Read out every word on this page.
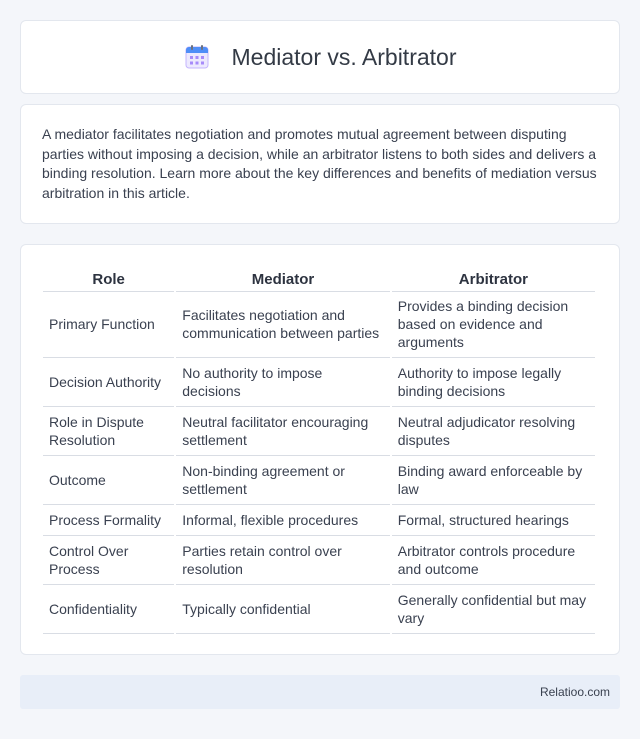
Mediator vs. Arbitrator

A mediator facilitates negotiation and promotes mutual agreement between disputing parties without imposing a decision, while an arbitrator listens to both sides and delivers a binding resolution. Learn more about the key differences and benefits of mediation versus arbitration in this article.

Role	Mediator	Arbitrator
Primary Function	Facilitates negotiation and communication between parties	Provides a binding decision based on evidence and arguments
Decision Authority	No authority to impose decisions	Authority to impose legally binding decisions
Role in Dispute Resolution	Neutral facilitator encouraging settlement	Neutral adjudicator resolving disputes
Outcome	Non-binding agreement or settlement	Binding award enforceable by law
Process Formality	Informal, flexible procedures	Formal, structured hearings
Control Over Process	Parties retain control over resolution	Arbitrator controls procedure and outcome
Confidentiality	Typically confidential	Generally confidential but may vary
Relatioo.com
